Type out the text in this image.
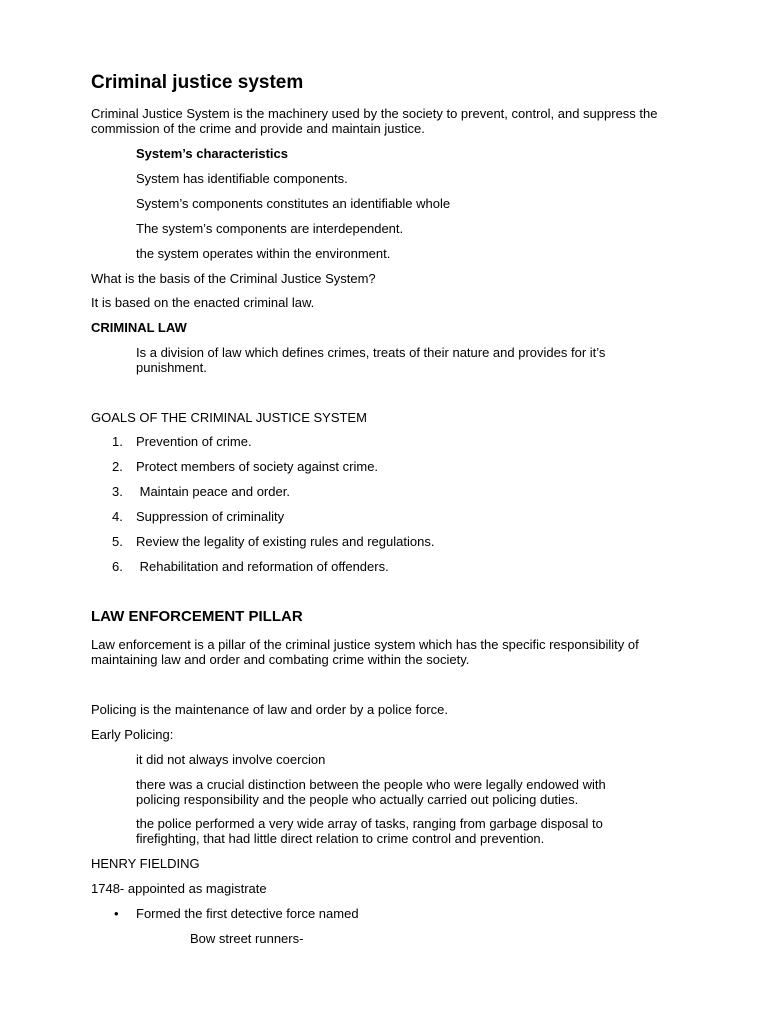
Criminal justice system
Criminal Justice System is the machinery used by the society to prevent, control, and suppress the commission of the crime and provide and maintain justice.
System’s characteristics
System has identifiable components.
System’s components constitutes an identifiable whole
The system’s components are interdependent.
the system operates within the environment.
What is the basis of the Criminal Justice System?
It is based on the enacted criminal law.
CRIMINAL LAW
Is a division of law which defines crimes, treats of their nature and provides for it’s punishment.
GOALS OF THE CRIMINAL JUSTICE SYSTEM
1.	Prevention of crime.
2.	Protect members of society against crime.
3.	Maintain peace and order.
4.	Suppression of criminality
5.	Review the legality of existing rules and regulations.
6.	Rehabilitation and reformation of offenders.
LAW ENFORCEMENT PILLAR
Law enforcement is a pillar of the criminal justice system which has the specific responsibility of maintaining law and order and combating crime within the society.
Policing is the maintenance of law and order by a police force.
Early Policing:
it did not always involve coercion
there was a crucial distinction between the people who were legally endowed with policing responsibility and the people who actually carried out policing duties.
the police performed a very wide array of tasks, ranging from garbage disposal to firefighting, that had little direct relation to crime control and prevention.
HENRY FIELDING
1748- appointed as magistrate
• Formed the first detective force named
Bow street runners-
